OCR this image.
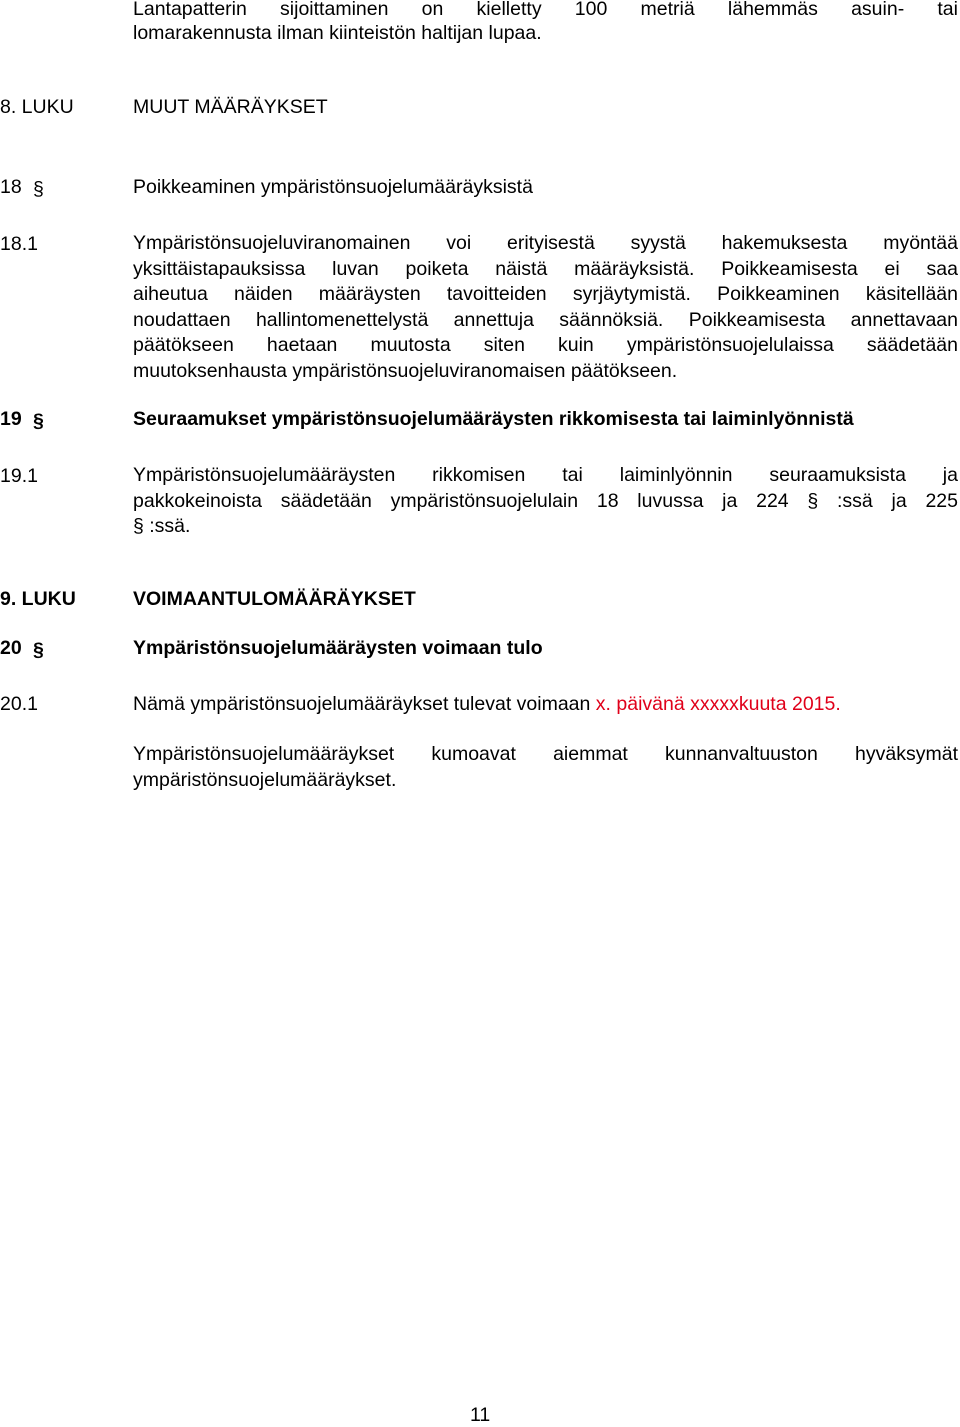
Lantapatterin sijoittaminen on kielletty 100 metriä lähemmäs asuin- tai
lomarakennusta ilman kiinteistön haltijan lupaa.
8. LUKU	MUUT MÄÄRÄYKSET
18 §	Poikkeaminen ympäristönsuojelumääräyksistä
18.1	Ympäristönsuojeluviranomainen voi erityisestä syystä hakemuksesta myöntää
yksittäistapauksissa luvan poiketa näistä määräyksistä. Poikkeamisesta ei saa
aiheutua näiden määräysten tavoitteiden syrjäytymistä. Poikkeaminen käsitellään
noudattaen hallintomenettelystä annettuja säännöksiä. Poikkeamisesta annettavaan
päätökseen haetaan muutosta siten kuin ympäristönsuojelulaissa säädetään
muutoksenhausta ympäristönsuojeluviranomaisen päätökseen.
19 §	Seuraamukset ympäristönsuojelumääräysten rikkomisesta tai laiminlyönnistä
19.1	Ympäristönsuojelumääräysten rikkomisen tai laiminlyönnin seuraamuksista ja
pakkokeinoista säädetään ympäristönsuojelulain 18 luvussa ja 224 § :ssä ja 225
§ :ssä.
9. LUKU	VOIMAANTULOMÄÄRÄYKSET
20 §	Ympäristönsuojelumääräysten voimaan tulo
20.1	Nämä ympäristönsuojelumääräykset tulevat voimaan x. päivänä xxxxxkuuta 2015.
Ympäristönsuojelumääräykset kumoavat aiemmat kunnanvaltuuston hyväksymät
ympäristönsuojelumääräykset.
11
